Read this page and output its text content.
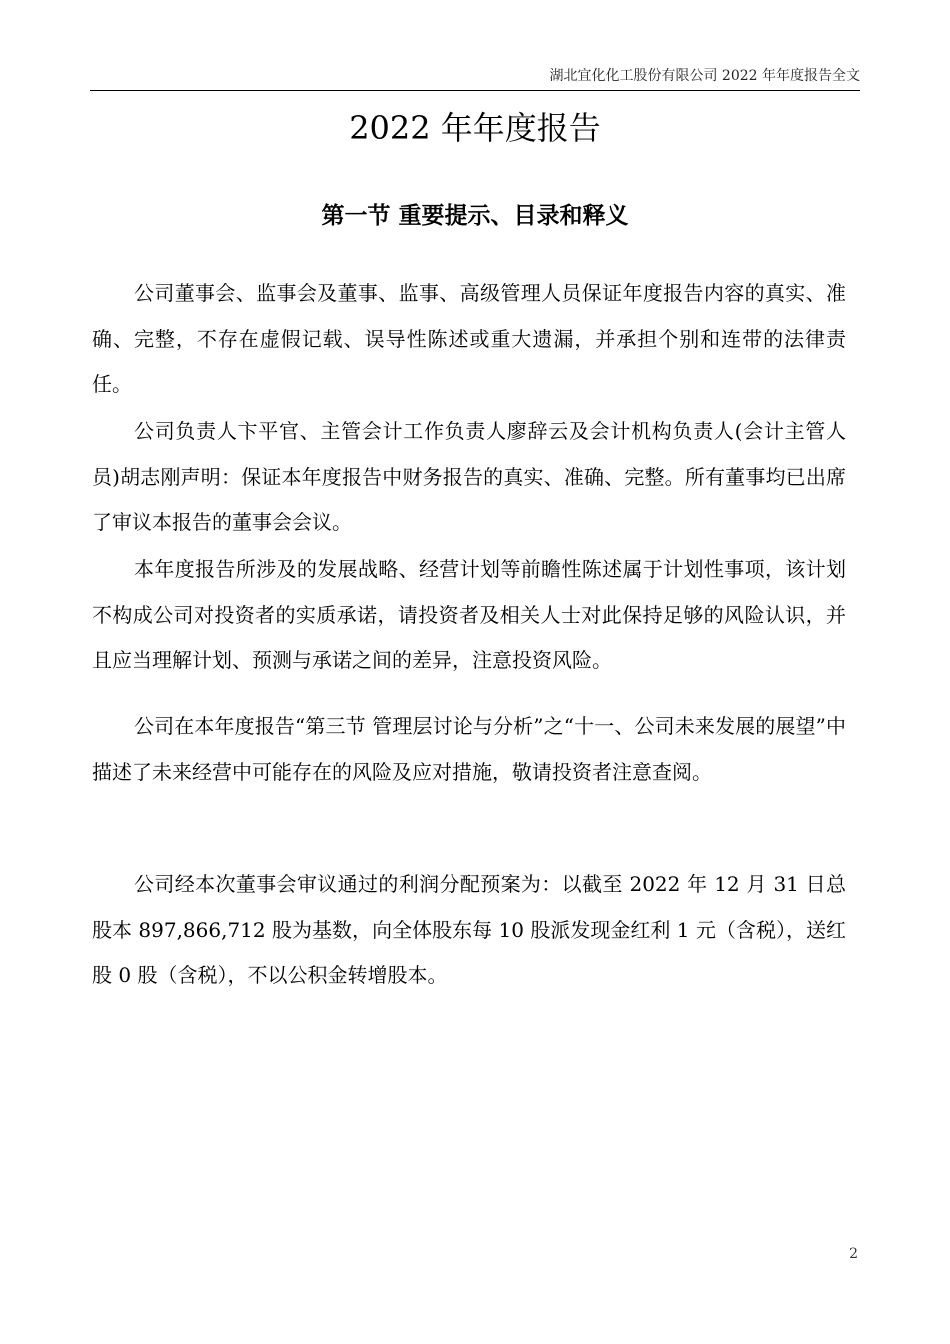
湖北宜化化工股份有限公司 2022 年年度报告全文
2022 年年度报告
第一节 重要提示、目录和释义

公司董事会、监事会及董事、监事、高级管理人员保证年度报告内容的真实、准确、完整，不存在虚假记载、误导性陈述或重大遗漏，并承担个别和连带的法律责任。

公司负责人卞平官、主管会计工作负责人廖辞云及会计机构负责人(会计主管人员)胡志刚声明：保证本年度报告中财务报告的真实、准确、完整。所有董事均已出席了审议本报告的董事会会议。

本年度报告所涉及的发展战略、经营计划等前瞻性陈述属于计划性事项，该计划不构成公司对投资者的实质承诺，请投资者及相关人士对此保持足够的风险认识，并且应当理解计划、预测与承诺之间的差异，注意投资风险。

公司在本年度报告“第三节 管理层讨论与分析”之“十一、公司未来发展的展望”中描述了未来经营中可能存在的风险及应对措施，敬请投资者注意查阅。

公司经本次董事会审议通过的利润分配预案为：以截至 2022 年 12 月 31 日总股本 897,866,712 股为基数，向全体股东每 10 股派发现金红利 1 元（含税），送红股 0 股（含税），不以公积金转增股本。

2
